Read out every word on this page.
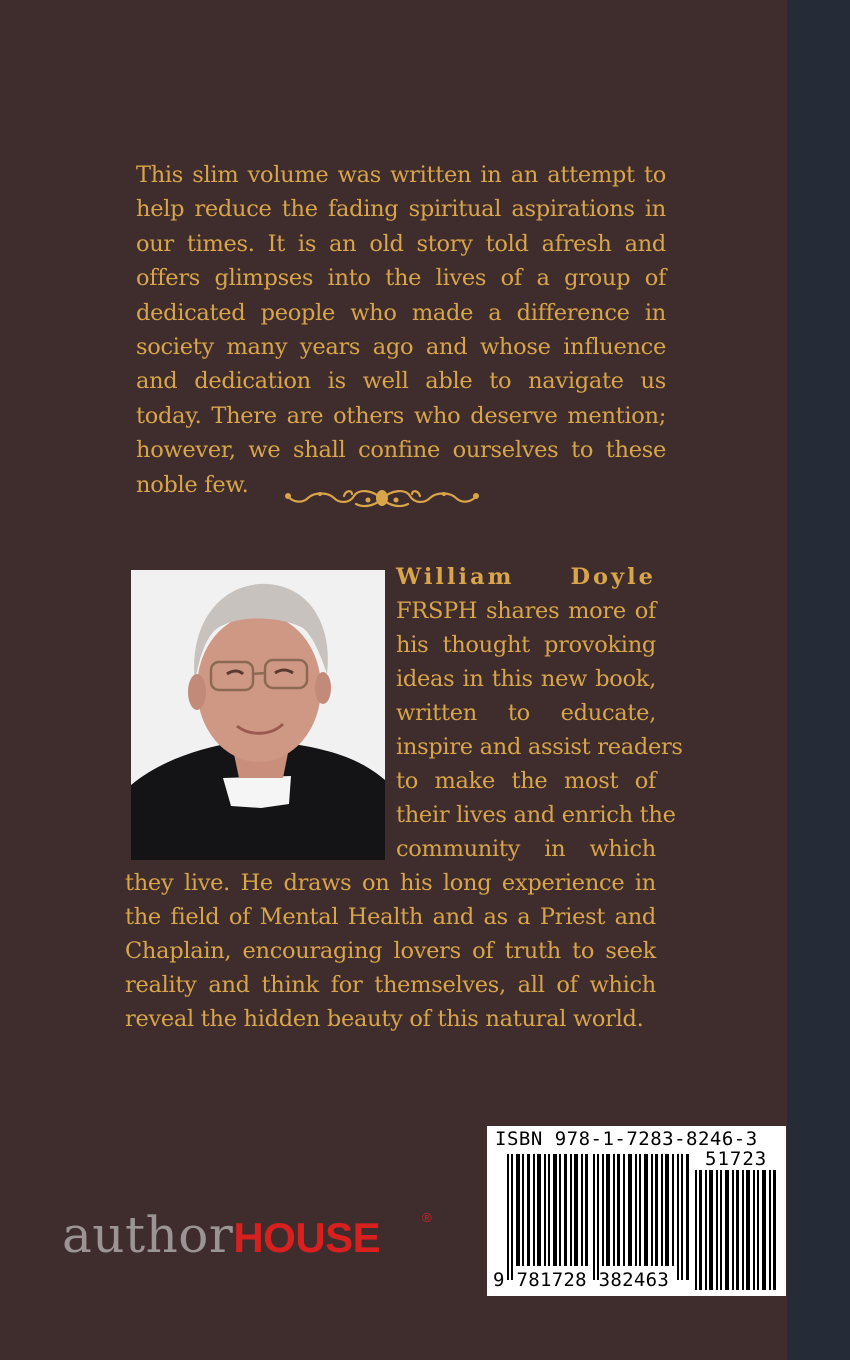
This slim volume was written in an attempt to help reduce the fading spiritual aspirations in our times. It is an old story told afresh and offers glimpses into the lives of a group of dedicated people who made a difference in society many years ago and whose influence and dedication is well able to navigate us today. There are others who deserve mention; however, we shall confine ourselves to these noble few.

William Doyle
FRSPH shares more of
his thought provoking
ideas in this new book,
written to educate,
inspire and assist readers
to make the most of
their lives and enrich the
community in which

they live. He draws on his long experience in the field of Mental Health and as a Priest and Chaplain, encouraging lovers of truth to seek reality and think for themselves, all of which reveal the hidden beauty of this natural world.

ISBN 978-1-7283-8246-3
51723
9 781728 382463
authorHOUSE	®
